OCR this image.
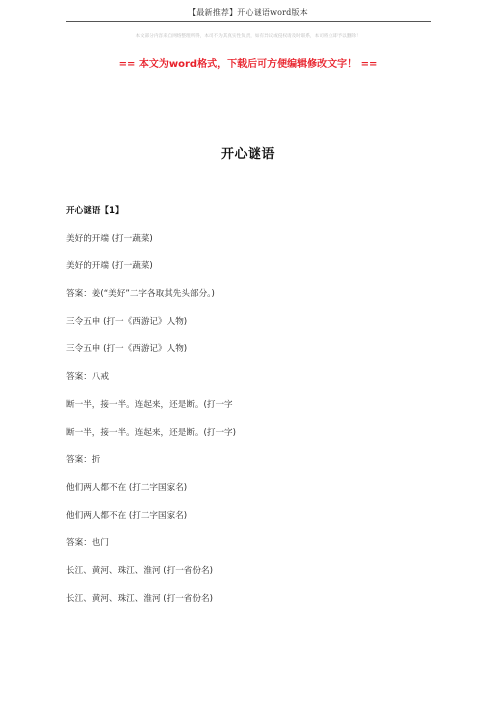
【最新推荐】开心谜语word版本
本文部分内容来自网络整理所得，本司不为其真实性负责，如有异议或侵权请及时联系，本司将立即予以删除！
== 本文为word格式，下载后可方便编辑修改文字！ ==
开心谜语
开心谜语【1】
美好的开端 (打一蔬菜)
美好的开端 (打一蔬菜)
答案：姜(“美好”二字各取其先头部分。)
三令五申 (打一《西游记》人物)
三令五申 (打一《西游记》人物)
答案：八戒
断一半，接一半。连起来，还是断。(打一字
断一半，接一半。连起来，还是断。(打一字)
答案：折
他们两人都不在 (打二字国家名)
他们两人都不在 (打二字国家名)
答案：也门
长江、黄河、珠江、淮河 (打一省份名)
长江、黄河、珠江、淮河 (打一省份名)
